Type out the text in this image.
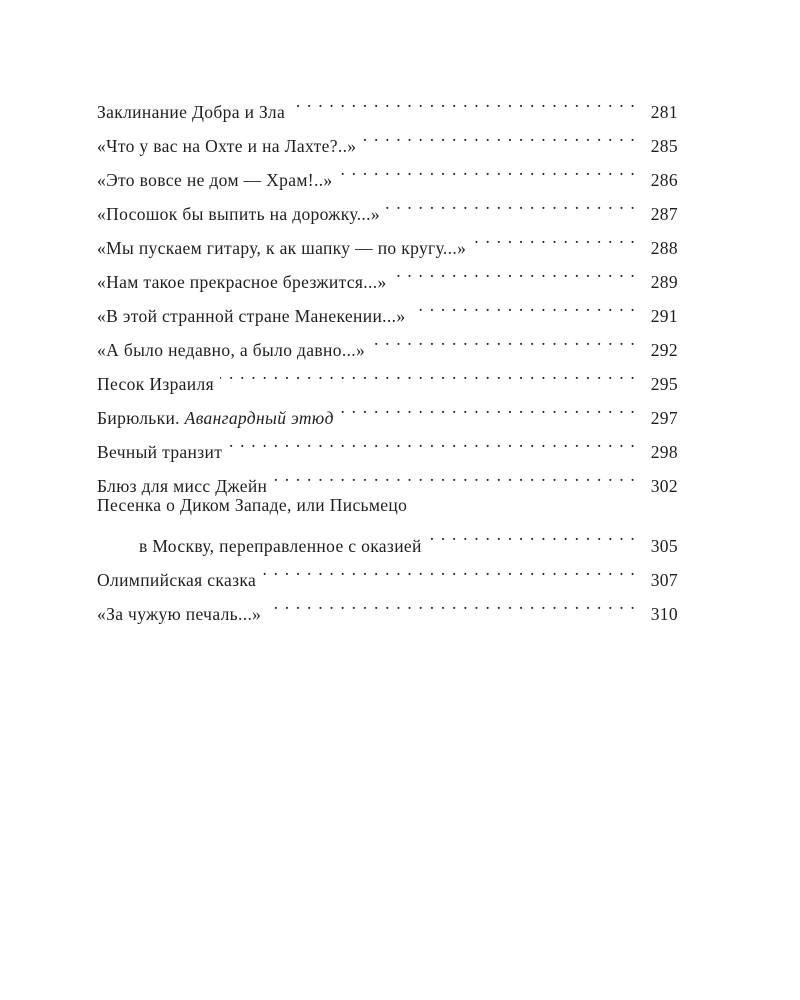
Заклинание Добра и Зла . . .	281
«Что у вас на Охте и на Лахте?..» . . .	285
«Это вовсе не дом — Храм!..» . . .	286
«Посошок бы выпить на дорожку...» . . .	287
«Мы пускаем гитару, к ак шапку — по кругу...» . . .	288
«Нам такое прекрасное брезжится...» . . .	289
«В этой странной стране Манекении...» . . .	291
«А было недавно, а было давно...» . . .	292
Песок Израиля . . .	295
Бирюльки. Авангардный этюд . . .	297
Вечный транзит . . .	298
Блюз для мисс Джейн . . .	302
Песенка о Диком Западе, или Письмецо
в Москву, переправленное с оказией . . .	305
Олимпийская сказка . . .	307
«За чужую печаль...» . . .	310
